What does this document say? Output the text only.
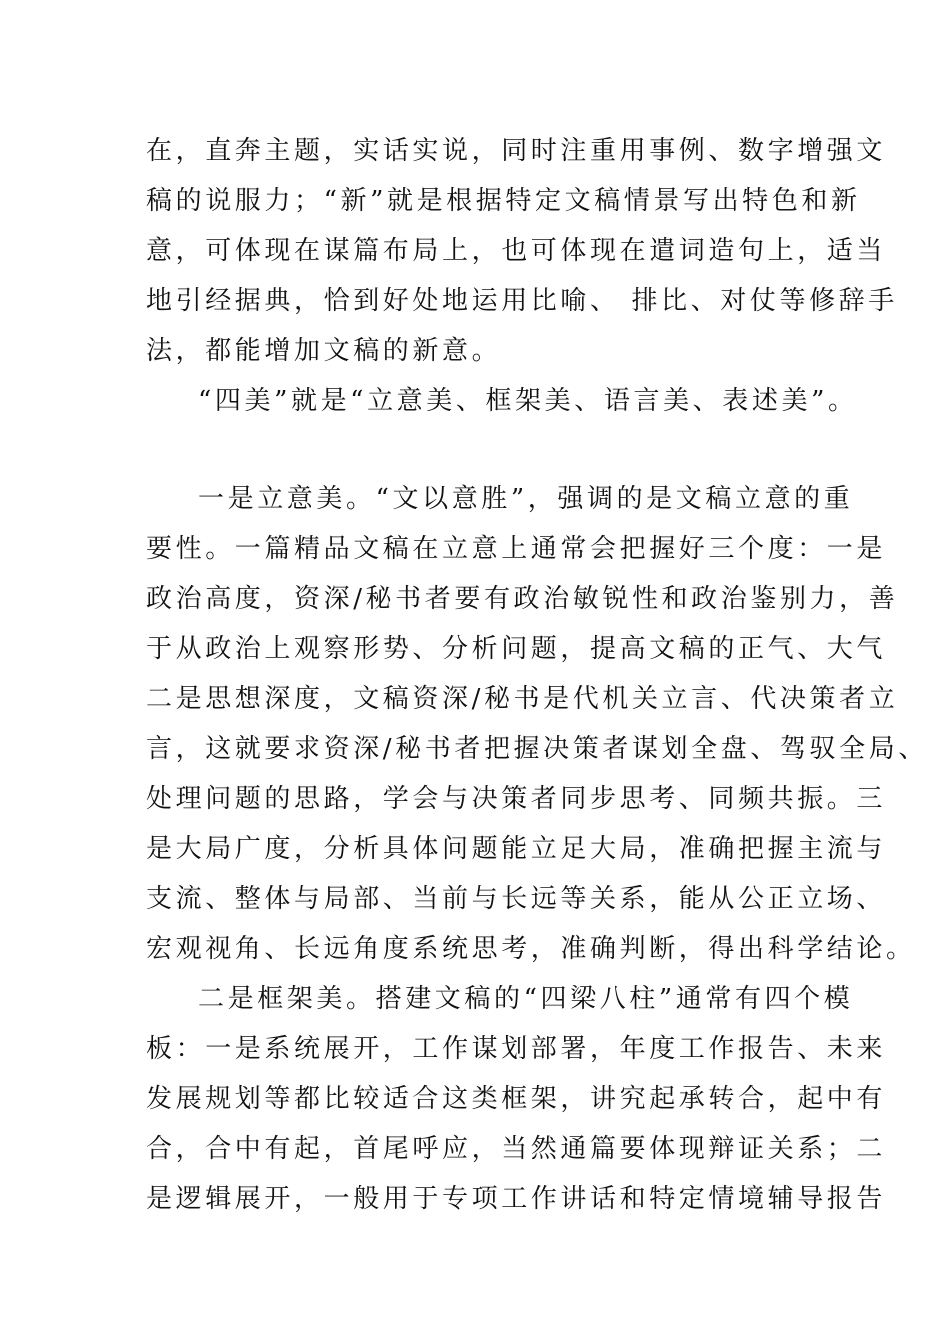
在，直奔主题，实话实说，同时注重用事例、数字增强文
稿的说服力；“新”就是根据特定文稿情景写出特色和新
意，可体现在谋篇布局上，也可体现在遣词造句上，适当
地引经据典，恰到好处地运用比喻、 排比、对仗等修辞手
法，都能增加文稿的新意。
“四美”就是“立意美、框架美、语言美、表述美”。
一是立意美。“文以意胜”，强调的是文稿立意的重
要性。一篇精品文稿在立意上通常会把握好三个度：一是
政治高度，资深/秘书者要有政治敏锐性和政治鉴别力，善
于从政治上观察形势、分析问题，提高文稿的正气、大气
二是思想深度，文稿资深/秘书是代机关立言、代决策者立
言，这就要求资深/秘书者把握决策者谋划全盘、驾驭全局、
处理问题的思路，学会与决策者同步思考、同频共振。三
是大局广度，分析具体问题能立足大局，准确把握主流与
支流、整体与局部、当前与长远等关系，能从公正立场、
宏观视角、长远角度系统思考，准确判断，得出科学结论。
二是框架美。搭建文稿的“四梁八柱”通常有四个模
板：一是系统展开，工作谋划部署，年度工作报告、未来
发展规划等都比较适合这类框架，讲究起承转合，起中有
合，合中有起，首尾呼应，当然通篇要体现辩证关系；二
是逻辑展开，一般用于专项工作讲话和特定情境辅导报告
